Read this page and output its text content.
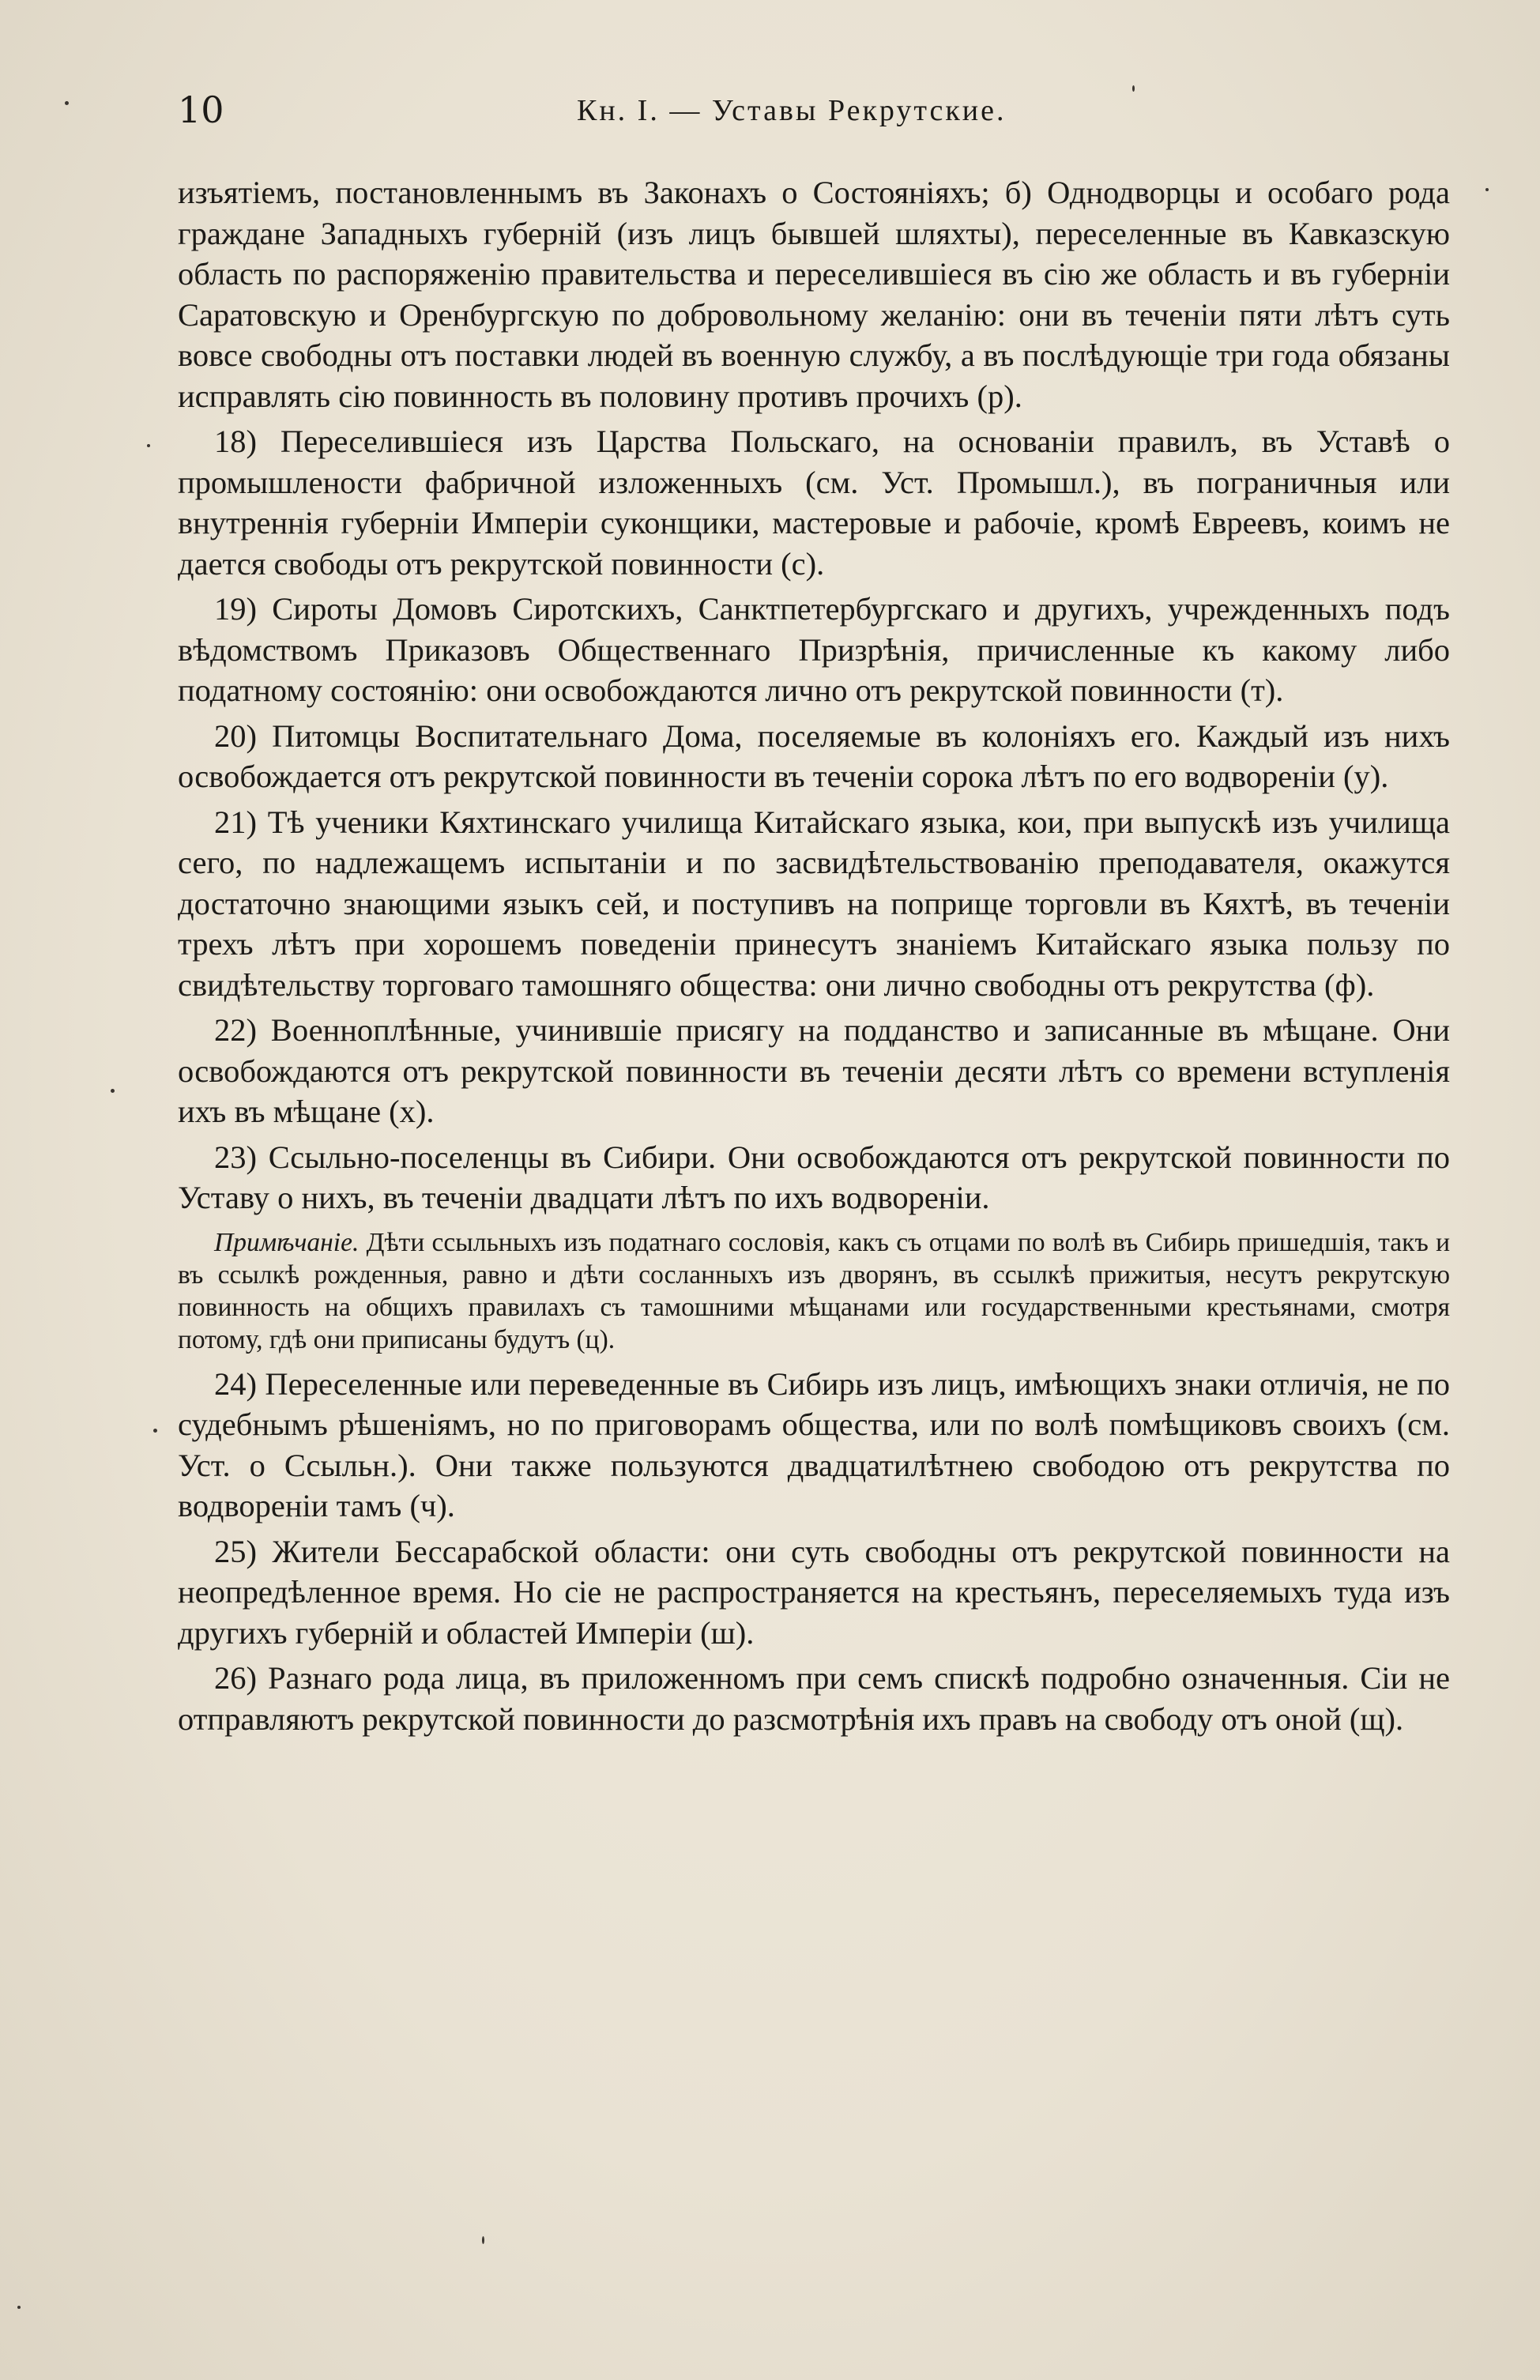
10	Кн. I. — Уставы Рекрутские.

изъятіемъ, постановленнымъ въ Законахъ о Состояніяхъ; б) Однодворцы и особаго рода граждане Западныхъ губерній (изъ лицъ бывшей шляхты), переселенные въ Кавказскую область по распоряженію правительства и переселившіеся въ сію же область и въ губерніи Саратовскую и Оренбургскую по добровольному желанію: они въ теченіи пяти лѣтъ суть вовсе свободны отъ поставки людей въ военную службу, а въ послѣдующіе три года обязаны исправлять сію повинность въ половину противъ прочихъ (р).

18) Переселившіеся изъ Царства Польскаго, на основаніи правилъ, въ Уставѣ о промышлености фабричной изложенныхъ (см. Уст. Промышл.), въ пограничныя или внутреннія губерніи Имперіи суконщики, мастеровые и рабочіе, кромѣ Евреевъ, коимъ не дается свободы отъ рекрутской повинности (с).

19) Сироты Домовъ Сиротскихъ, Санктпетербургскаго и другихъ, учрежденныхъ подъ вѣдомствомъ Приказовъ Общественнаго Призрѣнія, причисленные къ какому либо податному состоянію: они освобождаются лично отъ рекрутской повинности (т).

20) Питомцы Воспитательнаго Дома, поселяемые въ колоніяхъ его. Каждый изъ нихъ освобождается отъ рекрутской повинности въ теченіи сорока лѣтъ по его водвореніи (у).

21) Тѣ ученики Кяхтинскаго училища Китайскаго языка, кои, при выпускѣ изъ училища сего, по надлежащемъ испытаніи и по засвидѣтельствованію преподавателя, окажутся достаточно знающими языкъ сей, и поступивъ на поприще торговли въ Кяхтѣ, въ теченіи трехъ лѣтъ при хорошемъ поведеніи принесутъ знаніемъ Китайскаго языка пользу по свидѣтельству торговаго тамошняго общества: они лично свободны отъ рекрутства (ф).

22) Военноплѣнные, учинившіе присягу на подданство и записанные въ мѣщане. Они освобождаются отъ рекрутской повинности въ теченіи десяти лѣтъ со времени вступленія ихъ въ мѣщане (х).

23) Ссыльно-поселенцы въ Сибири. Они освобождаются отъ рекрутской повинности по Уставу о нихъ, въ теченіи двадцати лѣтъ по ихъ водвореніи.

Примѣчаніе. Дѣти ссыльныхъ изъ податнаго сословія, какъ съ отцами по волѣ въ Сибирь пришедшія, такъ и въ ссылкѣ рожденныя, равно и дѣти сосланныхъ изъ дворянъ, въ ссылкѣ прижитыя, несутъ рекрутскую повинность на общихъ правилахъ съ тамошними мѣщанами или государственными крестьянами, смотря потому, гдѣ они приписаны будутъ (ц).

24) Переселенные или переведенные въ Сибирь изъ лицъ, имѣющихъ знаки отличія, не по судебнымъ рѣшеніямъ, но по приговорамъ общества, или по волѣ помѣщиковъ своихъ (см. Уст. о Ссыльн.). Они также пользуются двадцатилѣтнею свободою отъ рекрутства по водвореніи тамъ (ч).

25) Жители Бессарабской области: они суть свободны отъ рекрутской повинности на неопредѣленное время. Но сіе не распространяется на крестьянъ, переселяемыхъ туда изъ другихъ губерній и областей Имперіи (ш).

26) Разнаго рода лица, въ приложенномъ при семъ спискѣ подробно означенныя. Сіи не отправляютъ рекрутской повинности до разсмотрѣнія ихъ правъ на свободу отъ оной (щ).
